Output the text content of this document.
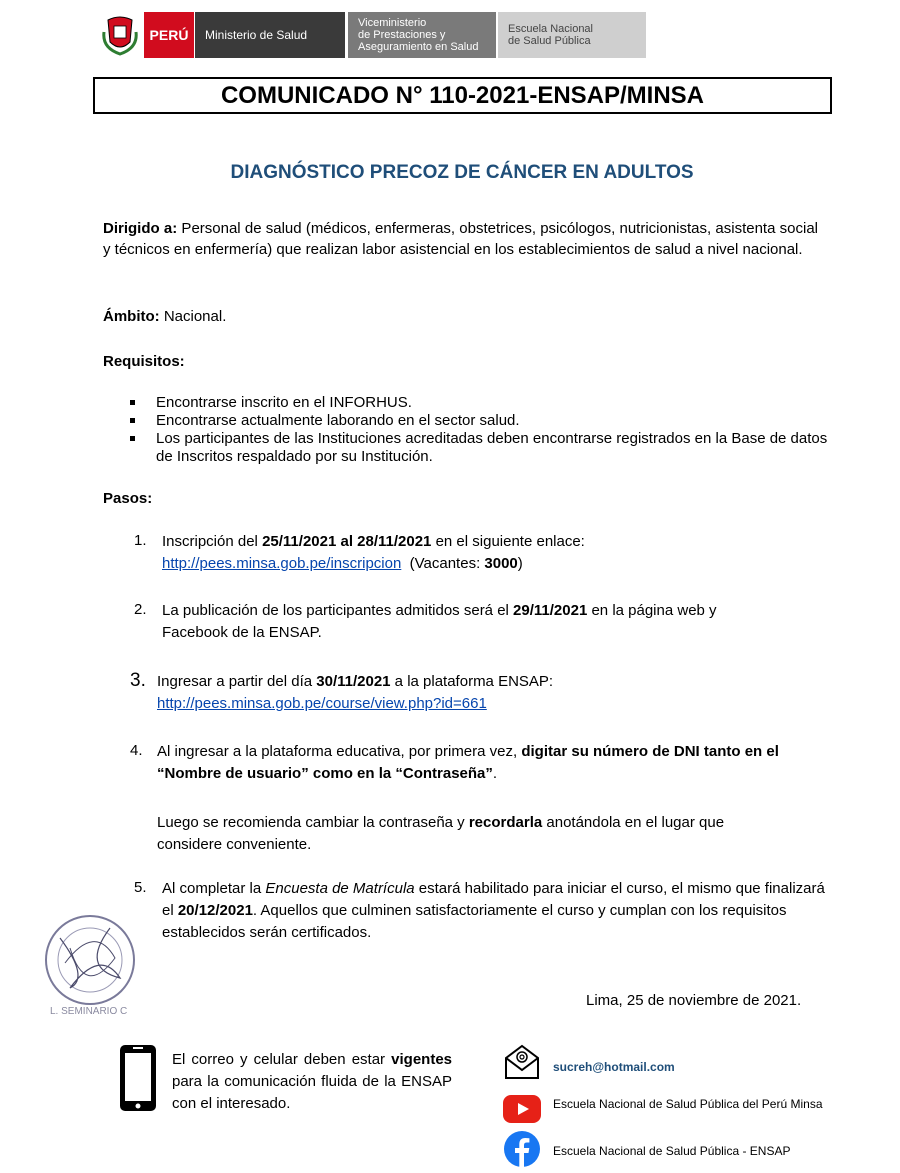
PERÚ	Ministerio de Salud
Viceministerio
de Prestaciones y
Aseguramiento en Salud
Escuela Nacional
de Salud Pública
COMUNICADO N° 110-2021-ENSAP/MINSA
DIAGNÓSTICO PRECOZ DE CÁNCER EN ADULTOS
Dirigido a: Personal de salud (médicos, enfermeras, obstetrices, psicólogos, nutricionistas, asistenta social y técnicos en enfermería) que realizan labor asistencial en los establecimientos de salud a nivel nacional.
Ámbito: Nacional.
Requisitos:
Encontrarse inscrito en el INFORHUS.
Encontrarse actualmente laborando en el sector salud.
Los participantes de las Instituciones acreditadas deben encontrarse registrados en la Base de datos de Inscritos respaldado por su Institución.
Pasos:
1. Inscripción del 25/11/2021 al 28/11/2021 en el siguiente enlace:
http://pees.minsa.gob.pe/inscripcion  (Vacantes: 3000)
2. La publicación de los participantes admitidos será el 29/11/2021 en la página web y Facebook de la ENSAP.
3. Ingresar a partir del día 30/11/2021 a la plataforma ENSAP:
http://pees.minsa.gob.pe/course/view.php?id=661
4. Al ingresar a la plataforma educativa, por primera vez, digitar su número de DNI tanto en el “Nombre de usuario” como en la “Contraseña”.
Luego se recomienda cambiar la contraseña y recordarla anotándola en el lugar que considere conveniente.
5. Al completar la Encuesta de Matrícula estará habilitado para iniciar el curso, el mismo que finalizará el 20/12/2021. Aquellos que culminen satisfactoriamente el curso y cumplan con los requisitos establecidos serán certificados.
L. SEMINARIO C
Lima, 25 de noviembre de 2021.
El correo y celular deben estar vigentes para la comunicación fluida de la ENSAP con el interesado.
sucreh@hotmail.com
Escuela Nacional de Salud Pública del Perú Minsa
Escuela Nacional de Salud Pública - ENSAP
